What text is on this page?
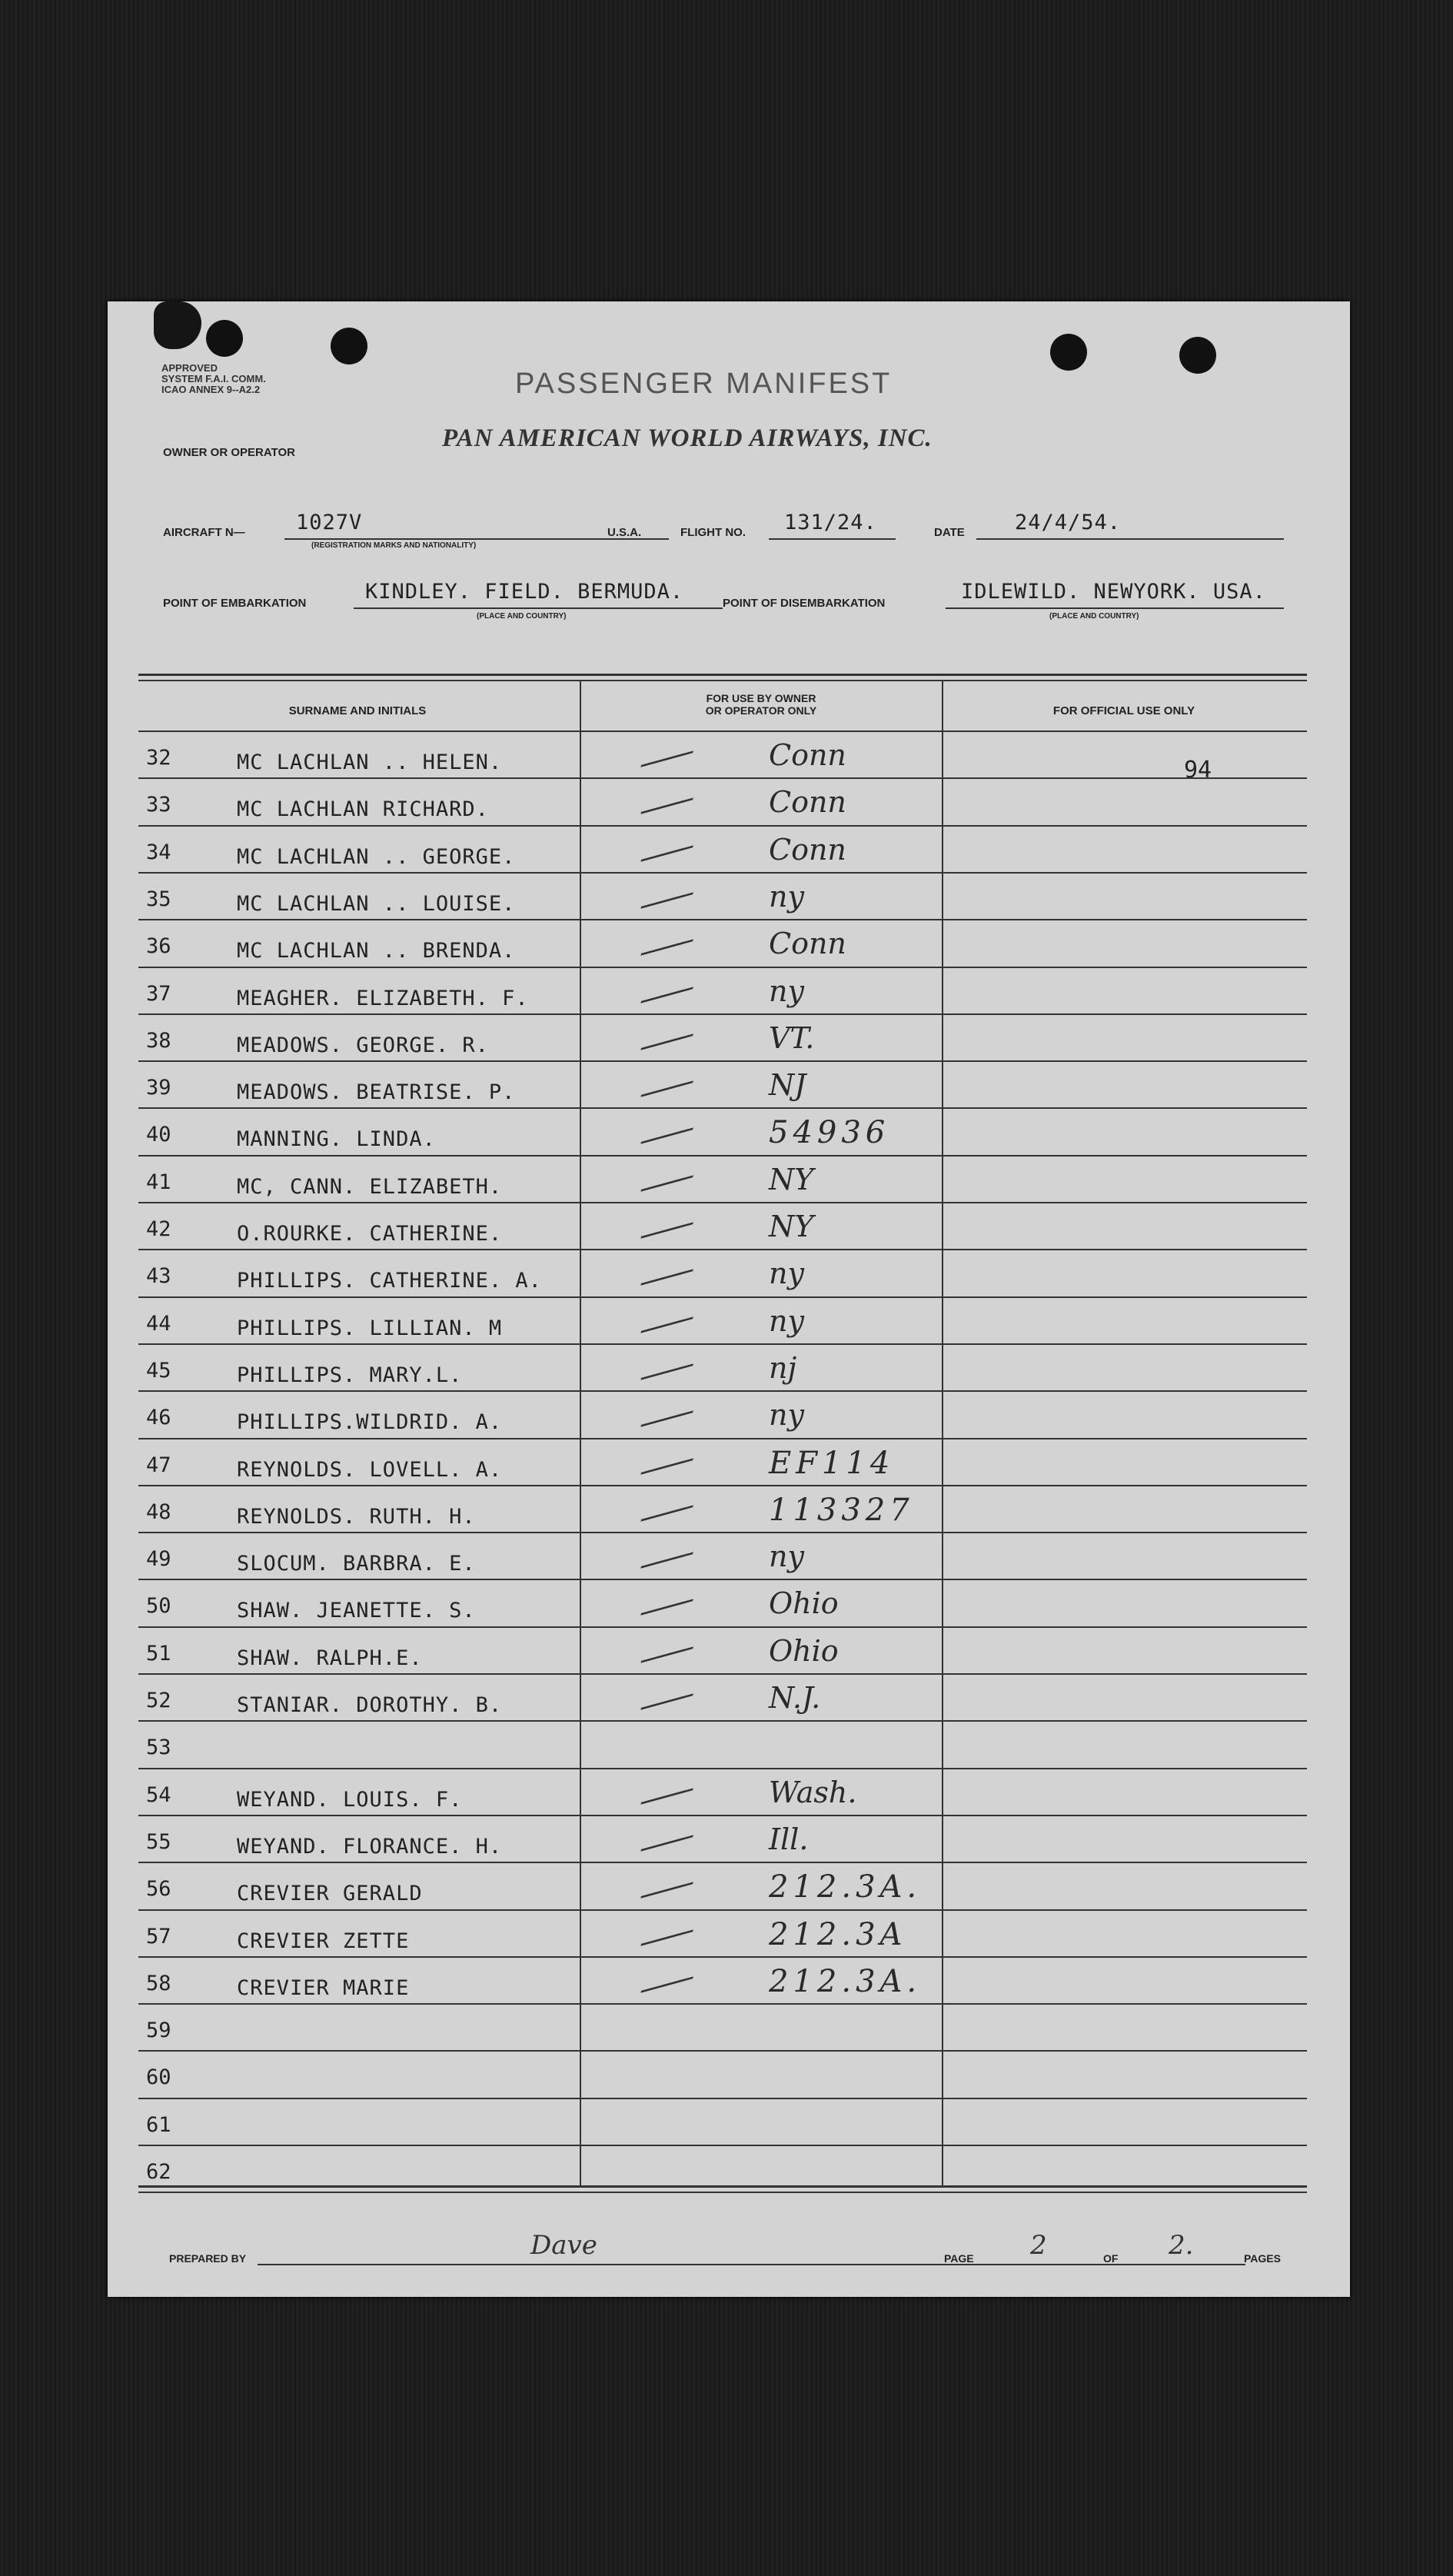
APPROVED
SYSTEM F.A.I. COMM.
ICAO ANNEX 9--A2.2	PASSENGER MANIFEST
OWNER OR OPERATOR
PAN AMERICAN WORLD AIRWAYS, INC.
AIRCRAFT N— 1027V
(REGISTRATION MARKS AND NATIONALITY)
U.S.A.	FLIGHT NO. 131/24.	DATE 24/4/54.
POINT OF EMBARKATION	KINDLEY. FIELD. BERMUDA.
(PLACE AND COUNTRY)
POINT OF DISEMBARKATION	IDLEWILD. NEWYORK. USA.
(PLACE AND COUNTRY)
SURNAME AND INITIALS
FOR USE BY OWNER
OR OPERATOR ONLY	FOR OFFICIAL USE ONLY
94
32	MC LACHLAN .. HELEN.	Conn
33	MC LACHLAN RICHARD.	Conn
34	MC LACHLAN .. GEORGE.	Conn
35	MC LACHLAN .. LOUISE.	ny
36	MC LACHLAN .. BRENDA.	Conn
37	MEAGHER. ELIZABETH. F.	ny
38	MEADOWS. GEORGE. R.	VT.
39	MEADOWS. BEATRISE. P.	NJ
40	MANNING. LINDA.	54936
41	MC, CANN. ELIZABETH.	NY
42	O.ROURKE. CATHERINE.	NY
43	PHILLIPS. CATHERINE. A.	ny
44	PHILLIPS. LILLIAN. M	ny
45	PHILLIPS. MARY.L.	nj
46	PHILLIPS.WILDRID. A.	ny
47	REYNOLDS. LOVELL. A.	EF114
48	REYNOLDS. RUTH. H.	113327
49	SLOCUM. BARBRA. E.	ny
50	SHAW. JEANETTE. S.	Ohio
51	SHAW. RALPH.E.	Ohio
52	STANIAR. DOROTHY. B.	N.J.
53
54	WEYAND. LOUIS. F.	Wash.
55	WEYAND. FLORANCE. H.	Ill.
56	CREVIER GERALD	212.3A.
57	CREVIER ZETTE	212.3A
58	CREVIER MARIE	212.3A.
59
60
61
62
PREPARED BY	Dave	PAGE 2	OF 2.	PAGES
